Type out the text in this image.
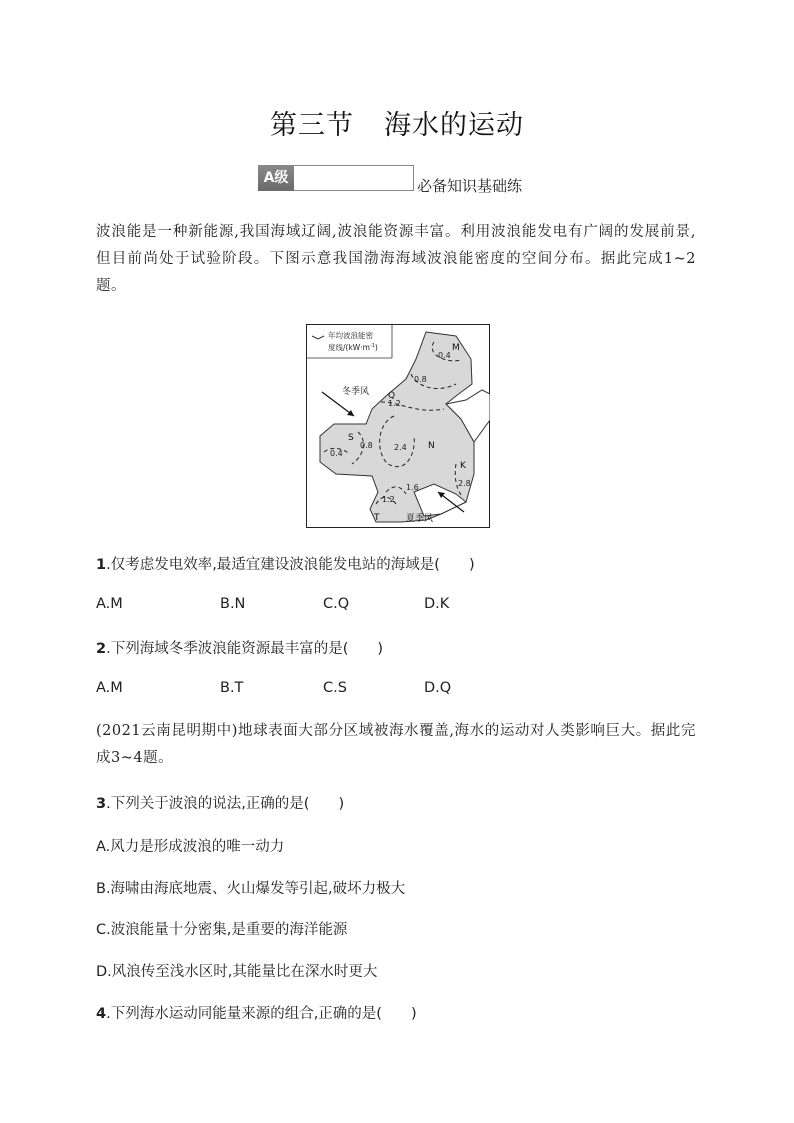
第三节 海水的运动
A级	必备知识基础练
波浪能是一种新能源,我国海域辽阔,波浪能资源丰富。利用波浪能发电有广阔的发展前景,但目前尚处于试验阶段。下图示意我国渤海海域波浪能密度的空间分布。据此完成1~2题。
年均波浪能密
度线$/(kW\cdot m^{-1})$
0.4
0.8
1.2
0.8
0.4
2.4
1.6
1.2
2.8
M
Q
S
N
K
T
冬季风
夏季风
1.仅考虑发电效率,最适宜建设波浪能发电站的海域是(　　)
A.M	B.N	C.Q	D.K
2.下列海域冬季波浪能资源最丰富的是(　　)
A.M	B.T	C.S	D.Q
(2021云南昆明期中)地球表面大部分区域被海水覆盖,海水的运动对人类影响巨大。据此完成3~4题。
3.下列关于波浪的说法,正确的是(　　)
A.风力是形成波浪的唯一动力
B.海啸由海底地震、火山爆发等引起,破坏力极大
C.波浪能量十分密集,是重要的海洋能源
D.风浪传至浅水区时,其能量比在深水时更大
4.下列海水运动同能量来源的组合,正确的是(　　)
